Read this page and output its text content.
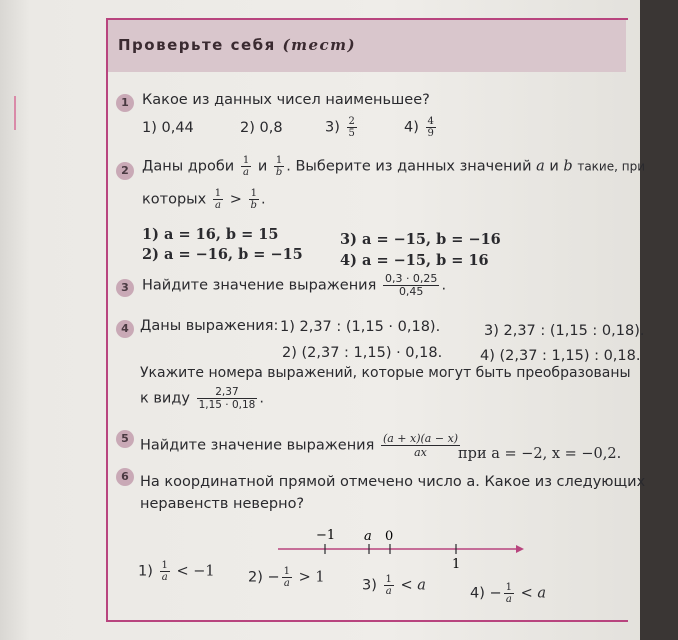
Проверьте себя (тест)
1 Какое из данных чисел наименьшее?
1) 0,44	2) 0,8	$3) \frac{2}{5}$	$4) \frac{4}{9}$
2 Даны дроби $\frac{1}{a}$ и $\frac{1}{b}$ . Выберите из данных значений a и b такие, при
которых $\frac{1}{a} > \frac{1}{b}$ .
1) a = 16, b = 15
2) a = −16, b = −15
3) a = −15, b = −16
4) a = −15, b = 16
3 Найдите значение выражения $\frac{0,3 \cdot 0,25}{0,45}$ .
4 Даны выражения: 1) 2,37 : (1,15 · 0,18).	3) 2,37 : (1,15 : 0,18).
2) (2,37 : 1,15) · 0,18.	4) (2,37 : 1,15) : 0,18.
Укажите номера выражений, которые могут быть преобразованы
к виду $\frac{2,37}{1,15 \cdot 0,18}$ .
5 Найдите значение выражения $\frac{(a + x)(a - x)}{ax}$
при a = −2, x = −0,2.
6 На координатной прямой отмечено число a. Какое из следующих
неравенств неверно?
−1 a 0
1
$1) \frac{1}{a} < -1$ $2) - \frac{1}{a} > 1$	$3) \frac{1}{a} < a$	$4) - \frac{1}{a} < a$
